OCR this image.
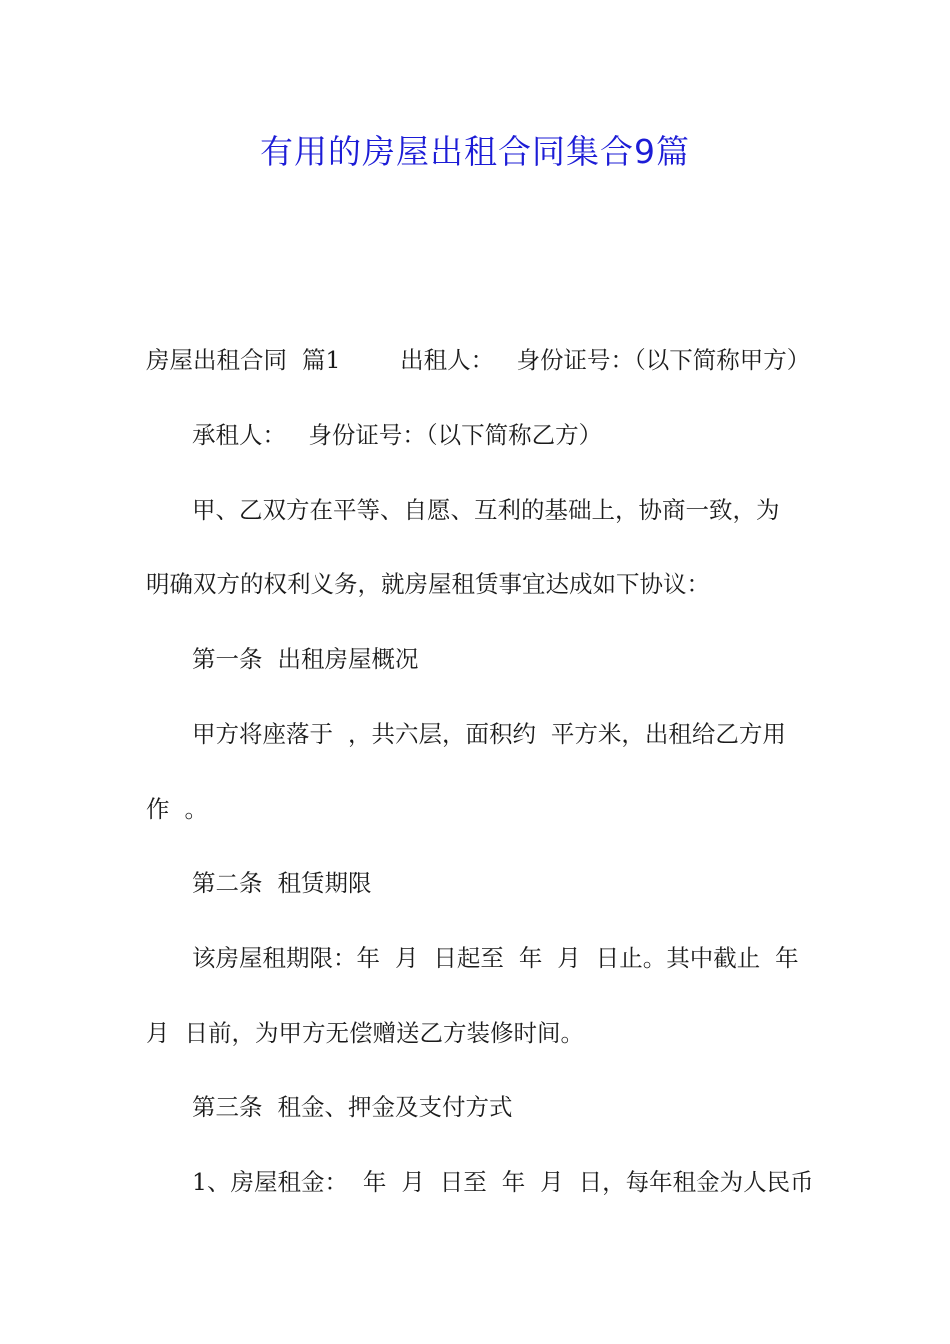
有用的房屋出租合同集合9篇

房屋出租合同  篇1        出租人：   身份证号：（以下简称甲方）

承租人：   身份证号：（以下简称乙方）

甲、乙双方在平等、自愿、互利的基础上，协商一致，为

明确双方的权利义务，就房屋租赁事宜达成如下协议：

第一条  出租房屋概况

甲方将座落于  ，共六层，面积约  平方米，出租给乙方用

作  。

第二条  租赁期限

该房屋租期限：年  月  日起至  年  月  日止。其中截止  年

月  日前，为甲方无偿赠送乙方装修时间。

第三条  租金、押金及支付方式

1、房屋租金：  年  月  日至  年  月  日，每年租金为人民币
